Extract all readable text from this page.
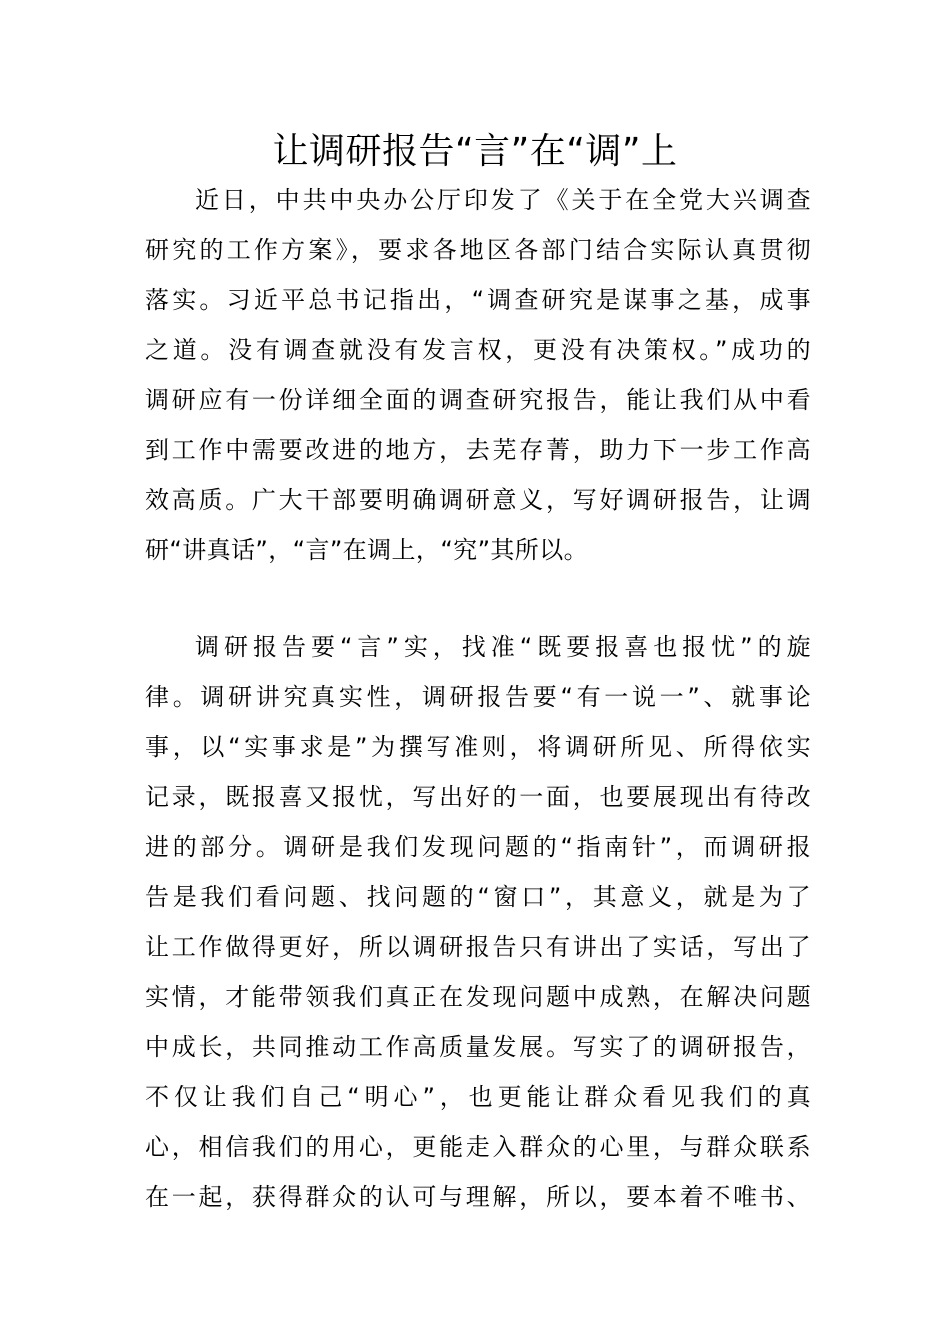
让调研报告“言”在“调”上
近日，中共中央办公厅印发了《关于在全党大兴调查
研究的工作方案》，要求各地区各部门结合实际认真贯彻
落实。习近平总书记指出，“调查研究是谋事之基，成事
之道。没有调查就没有发言权，更没有决策权。”成功的
调研应有一份详细全面的调查研究报告，能让我们从中看
到工作中需要改进的地方，去芜存菁，助力下一步工作高
效高质。广大干部要明确调研意义，写好调研报告，让调
研“讲真话”，“言”在调上，“究”其所以。
调研报告要“言”实，找准“既要报喜也报忧”的旋
律。调研讲究真实性，调研报告要“有一说一”、就事论
事，以“实事求是”为撰写准则，将调研所见、所得依实
记录，既报喜又报忧，写出好的一面，也要展现出有待改
进的部分。调研是我们发现问题的“指南针”，而调研报
告是我们看问题、找问题的“窗口”，其意义，就是为了
让工作做得更好，所以调研报告只有讲出了实话，写出了
实情，才能带领我们真正在发现问题中成熟，在解决问题
中成长，共同推动工作高质量发展。写实了的调研报告，
不仅让我们自己“明心”，也更能让群众看见我们的真
心，相信我们的用心，更能走入群众的心里，与群众联系
在一起，获得群众的认可与理解，所以，要本着不唯书、
